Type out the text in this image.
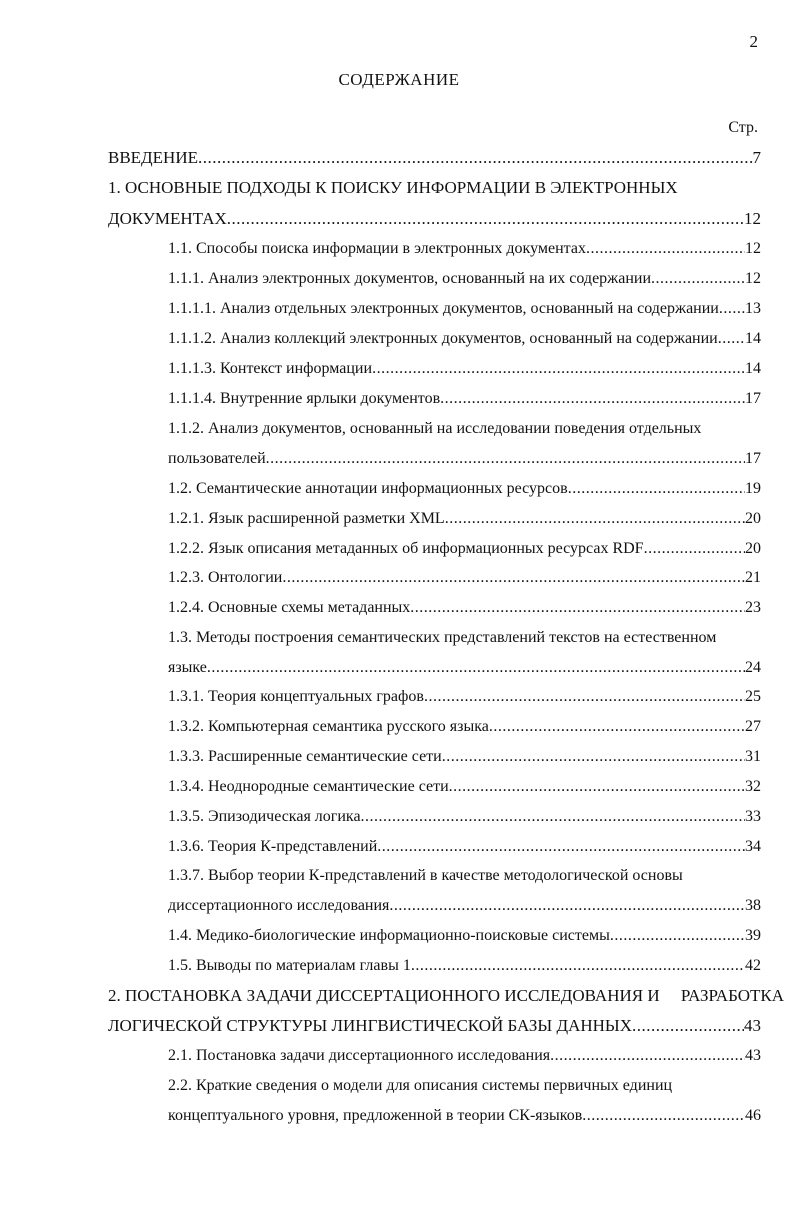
2
СОДЕРЖАНИЕ
Стр.
ВВЕДЕНИЕ .....	7
1. ОСНОВНЫЕ ПОДХОДЫ К ПОИСКУ ИНФОРМАЦИИ В ЭЛЕКТРОННЫХ
ДОКУМЕНТАХ .....	12
1.1. Способы поиска информации в электронных документах .....	12
1.1.1. Анализ электронных документов, основанный на их содержании .....	12
1.1.1.1. Анализ отдельных электронных документов, основанный на содержании ..... 13
1.1.1.2. Анализ коллекций электронных документов, основанный на содержании ..... 14
1.1.1.3. Контекст информации .....	14
1.1.1.4. Внутренние ярлыки документов .....	17
1.1.2. Анализ документов, основанный на исследовании поведения отдельных
пользователей .....	17
1.2. Семантические аннотации информационных ресурсов .....	19
1.2.1. Язык расширенной разметки XML .....	20
1.2.2. Язык описания метаданных об информационных ресурсах RDF .....	20
1.2.3. Онтологии .....	21
1.2.4. Основные схемы метаданных .....	23
1.3. Методы построения семантических представлений текстов на естественном
языке .....	24
1.3.1. Теория концептуальных графов .....	25
1.3.2. Компьютерная семантика русского языка .....	27
1.3.3. Расширенные семантические сети .....	31
1.3.4. Неоднородные семантические сети .....	32
1.3.5. Эпизодическая логика .....	33
1.3.6. Теория К-представлений .....	34
1.3.7. Выбор теории К-представлений в качестве методологической основы
диссертационного исследования .....	38
1.4. Медико-биологические информационно-поисковые системы .....	39
1.5. Выводы по материалам главы 1 .....	42
2. ПОСТАНОВКА ЗАДАЧИ ДИССЕРТАЦИОННОГО ИССЛЕДОВАНИЯ И     РАЗРАБОТКА
ЛОГИЧЕСКОЙ СТРУКТУРЫ ЛИНГВИСТИЧЕСКОЙ БАЗЫ ДАННЫХ .....	43
2.1. Постановка задачи диссертационного исследования .....	43
2.2. Краткие сведения о модели для описания системы первичных единиц
концептуального уровня, предложенной в теории СК-языков .....	46
